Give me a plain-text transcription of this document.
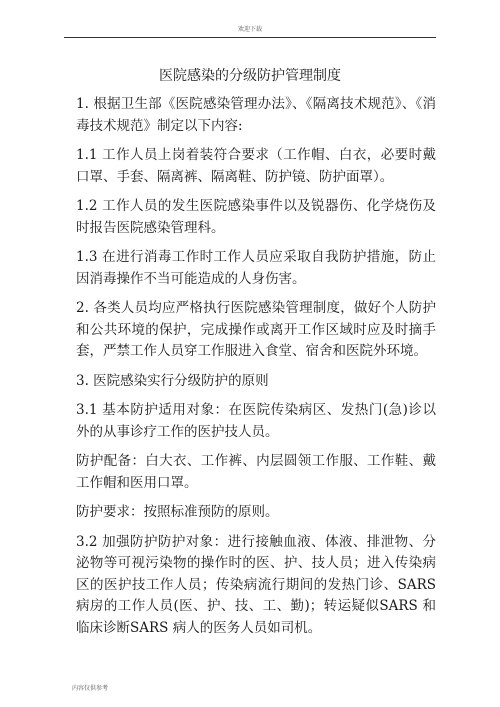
欢迎下载
医院感染的分级防护管理制度

1. 根据卫生部《医院感染管理办法》、《隔离技术规范》、《消毒技术规范》制定以下内容:

1.1 工作人员上岗着装符合要求（工作帽、白衣，必要时戴口罩、手套、隔离裤、隔离鞋、防护镜、防护面罩）。

1.2 工作人员的发生医院感染事件以及锐器伤、化学烧伤及时报告医院感染管理科。

1.3 在进行消毒工作时工作人员应采取自我防护措施，防止因消毒操作不当可能造成的人身伤害。

2. 各类人员均应严格执行医院感染管理制度，做好个人防护和公共环境的保护，完成操作或离开工作区域时应及时摘手套，严禁工作人员穿工作服进入食堂、宿舍和医院外环境。

3. 医院感染实行分级防护的原则

3.1 基本防护适用对象：在医院传染病区、发热门(急)诊以外的从事诊疗工作的医护技人员。

防护配备：白大衣、工作裤、内层圆领工作服、工作鞋、戴工作帽和医用口罩。

防护要求：按照标准预防的原则。

3.2 加强防护防护对象：进行接触血液、体液、排泄物、分泌物等可视污染物的操作时的医、护、技人员；进入传染病区的医护技工作人员；传染病流行期间的发热门诊、SARS 病房的工作人员(医、护、技、工、勤)；转运疑似SARS 和临床诊断SARS 病人的医务人员如司机。

内容仅供参考
